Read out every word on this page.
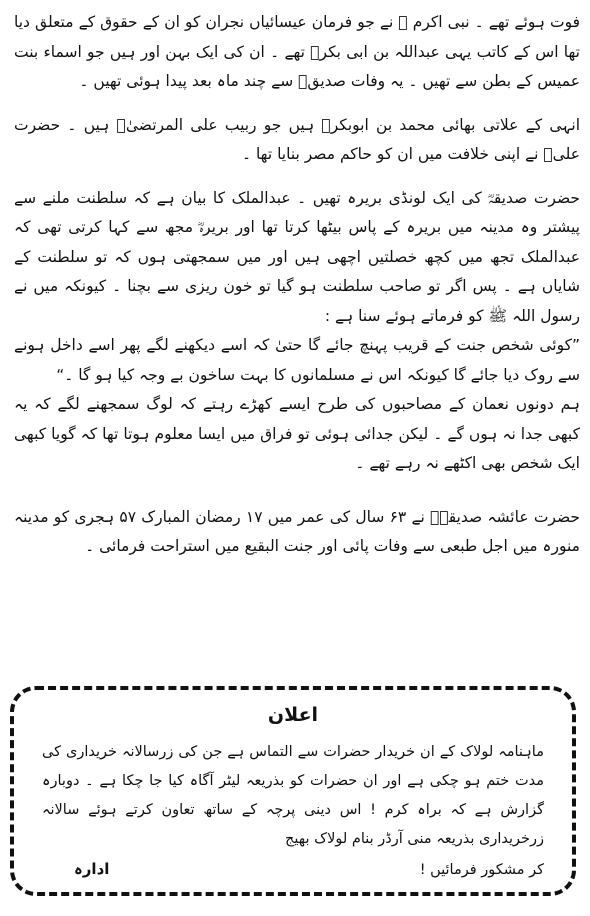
فوت ہوئے تھے ۔ نبی اکرم ﷺ نے جو فرمان عیسائیاں نجران کو ان کے حقوق کے متعلق دیا تھا اس کے کاتب یہی عبداللہ بن ابی بکرؓ تھے ۔ ان کی ایک بہن اور ہیں جو اسماء بنت عمیس کے بطن سے تھیں ۔ یہ وفات صدیقؓ سے چند ماہ بعد پیدا ہوئی تھیں ۔

انہی کے علاتی بھائی محمد بن ابوبکرؓ ہیں جو ربیب علی المرتضیٰؓ ہیں ۔ حضرت علیؓ نے اپنی خلافت میں ان کو حاکم مصر بنایا تھا ۔

حضرت صدیقہؓ کی ایک لونڈی بریرہ تھیں ۔ عبدالملک کا بیان ہے کہ سلطنت ملنے سے پیشتر وہ مدینہ میں بریرہ کے پاس بیٹھا کرتا تھا اور بریرہؓ مجھ سے کہا کرتی تھی کہ عبدالملک تجھ میں کچھ خصلتیں اچھی ہیں اور میں سمجھتی ہوں کہ تو سلطنت کے شایاں ہے ۔ پس اگر تو صاحب سلطنت ہو گیا تو خون ریزی سے بچنا ۔ کیونکہ میں نے رسول اللہ ﷺ کو فرماتے ہوئے سنا ہے :

”کوئی شخص جنت کے قریب پہنچ جائے گا حتیٰ کہ اسے دیکھنے لگے پھر اسے داخل ہونے سے روک دیا جائے گا کیونکہ اس نے مسلمانوں کا بہت ساخون بے وجہ کیا ہو گا ۔“

ہم دونوں نعمان کے مصاحبوں کی طرح ایسے کھڑے رہتے کہ لوگ سمجھنے لگے کہ یہ کبھی جدا نہ ہوں گے ۔ لیکن جدائی ہوئی تو فراق میں ایسا معلوم ہوتا تھا کہ گویا کبھی ایک شخص بھی اکٹھے نہ رہے تھے ۔

حضرت عائشہ صدیقہؓ نے ۶۳ سال کی عمر میں ۱۷ رمضان المبارک ۵۷ ہجری کو مدینہ منورہ میں اجل طبعی سے وفات پائی اور جنت البقیع میں استراحت فرمائی ۔

اعلان
ماہنامہ لولاک کے ان خریدار حضرات سے التماس ہے جن کی زرسالانہ خریداری کی مدت ختم ہو چکی ہے اور ان حضرات کو بذریعہ لیٹر آگاہ کیا جا چکا ہے ۔ دوبارہ گزارش ہے کہ براہ کرم ! اس دینی پرچہ کے ساتھ تعاون کرتے ہوئے سالانہ زرخریداری بذریعہ منی آرڈر بنام لولاک بھیج
کر مشکور فرمائیں !
ادارہ
